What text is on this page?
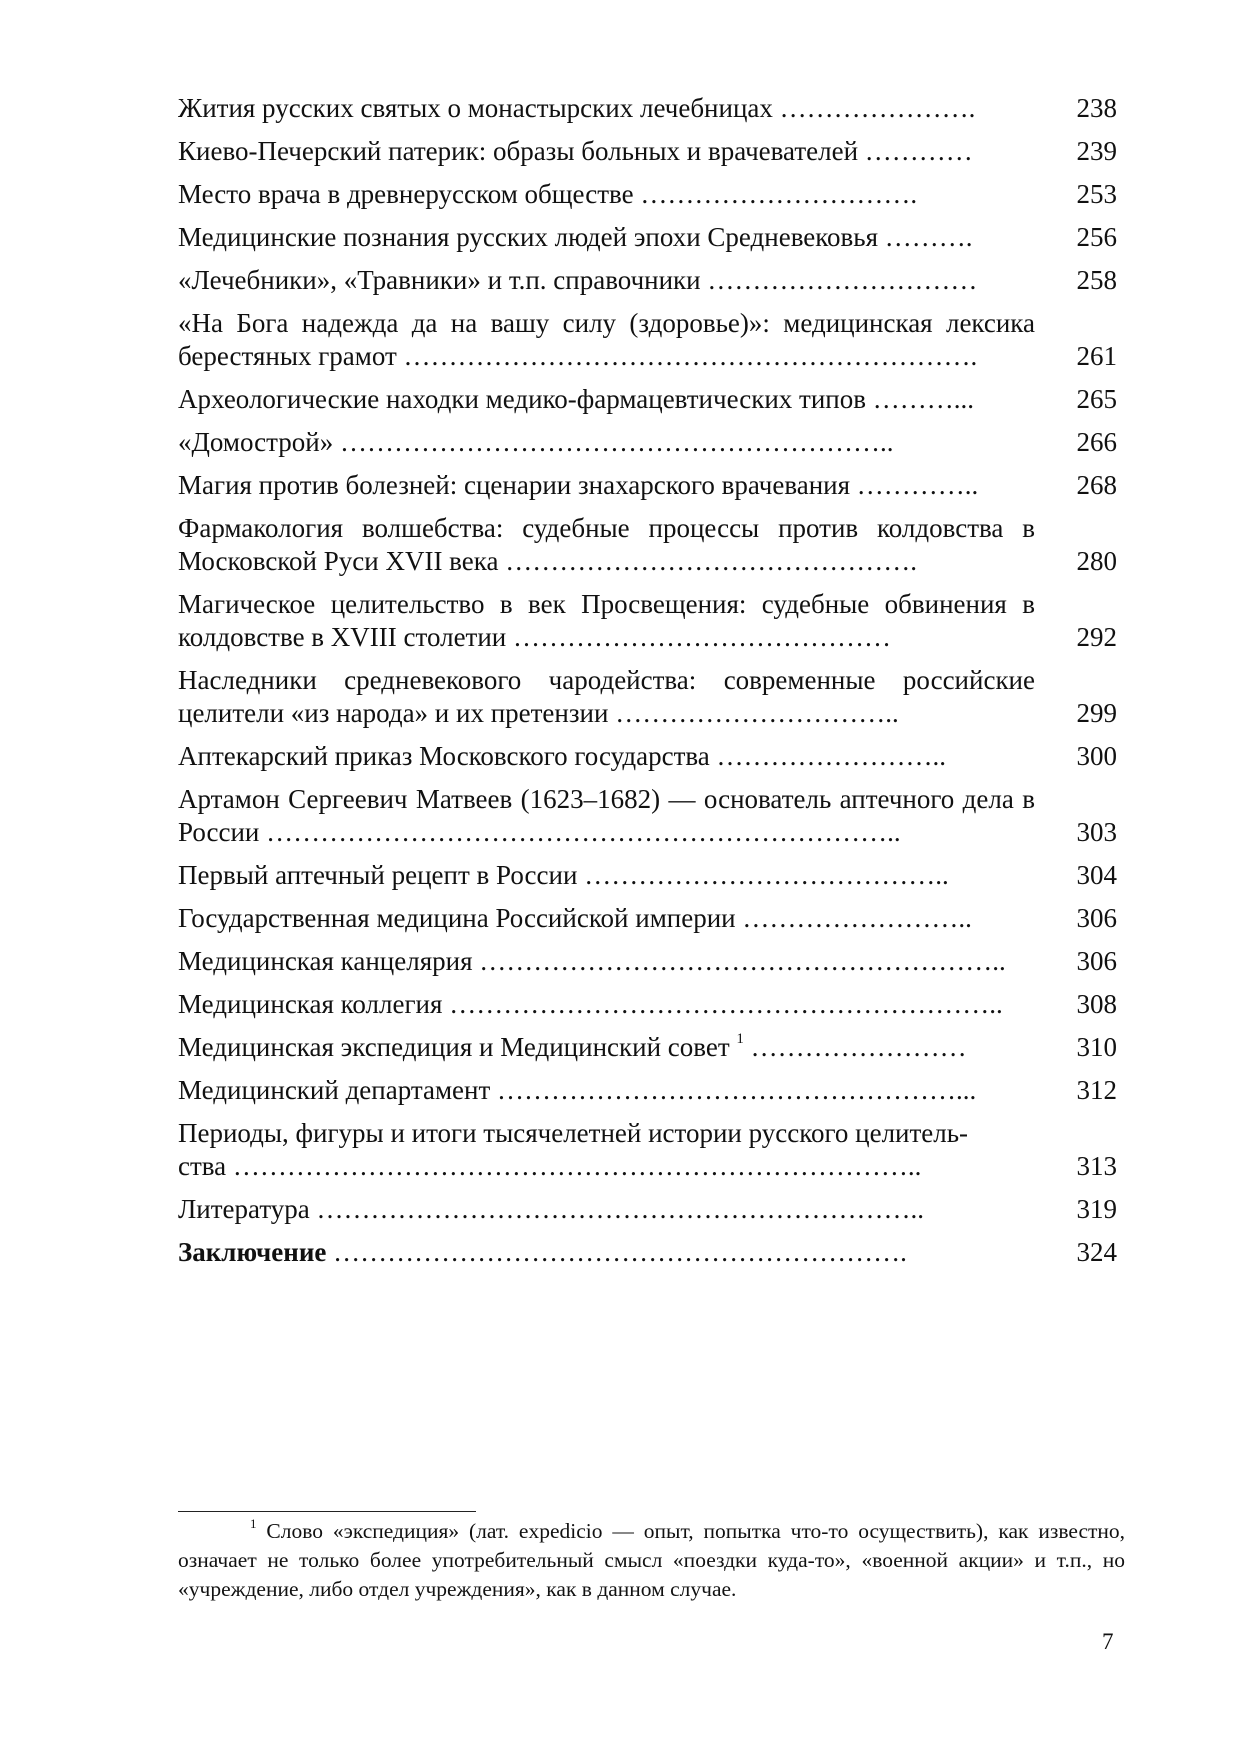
Жития русских святых о монастырских лечебницах ………………….	238
Киево-Печерский патерик: образы больных и врачевателей …………	239
Место врача в древнерусском обществе ………………………….	253
Медицинские познания русских людей эпохи Средневековья ……….	256
«Лечебники», «Травники» и т.п. справочники …………………………	258
«На Бога надежда да на вашу силу (здоровье)»: медицинская лексика берестяных грамот ……………………………………………………….	261
Археологические находки медико-фармацевтических типов ………...	265
«Домострой» ……………………………………………………..	266
Магия против болезней: сценарии знахарского врачевания …………..	268
Фармакология волшебства: судебные процессы против колдовства в Московской Руси XVII века ……………………………………….	280
Магическое целительство в век Просвещения: судебные обвинения в колдовстве в XVIII столетии ……………………………………	292
Наследники средневекового чародейства: современные российские целители «из народа» и их претензии …………………………..	299
Аптекарский приказ Московского государства ……………………..	300
Артамон Сергеевич Матвеев (1623–1682) — основатель аптечного дела в России ……………………………………………………………..	303
Первый аптечный рецепт в России …………………………………..	304
Государственная медицина Российской империи ……………………..	306
Медицинская канцелярия …………………………………………………..	306
Медицинская коллегия ……………………………………………………..	308
Медицинская экспедиция и Медицинский совет $^1$ ……………………	310
Медицинский департамент ……………………………………………...	312
Периоды, фигуры и итоги тысячелетней истории русского целитель-
ства …………………………………………………………………..	313
Литература …………………………………………………………..	319
Заключение ……………………………………………………….	324

$^1$ Слово «экспедиция» (лат. expedicio — опыт, попытка что-то осуществить), как известно, означает не только более употребительный смысл «поездки куда-то», «военной акции» и т.п., но «учреждение, либо отдел учреждения», как в данном случае.

7
